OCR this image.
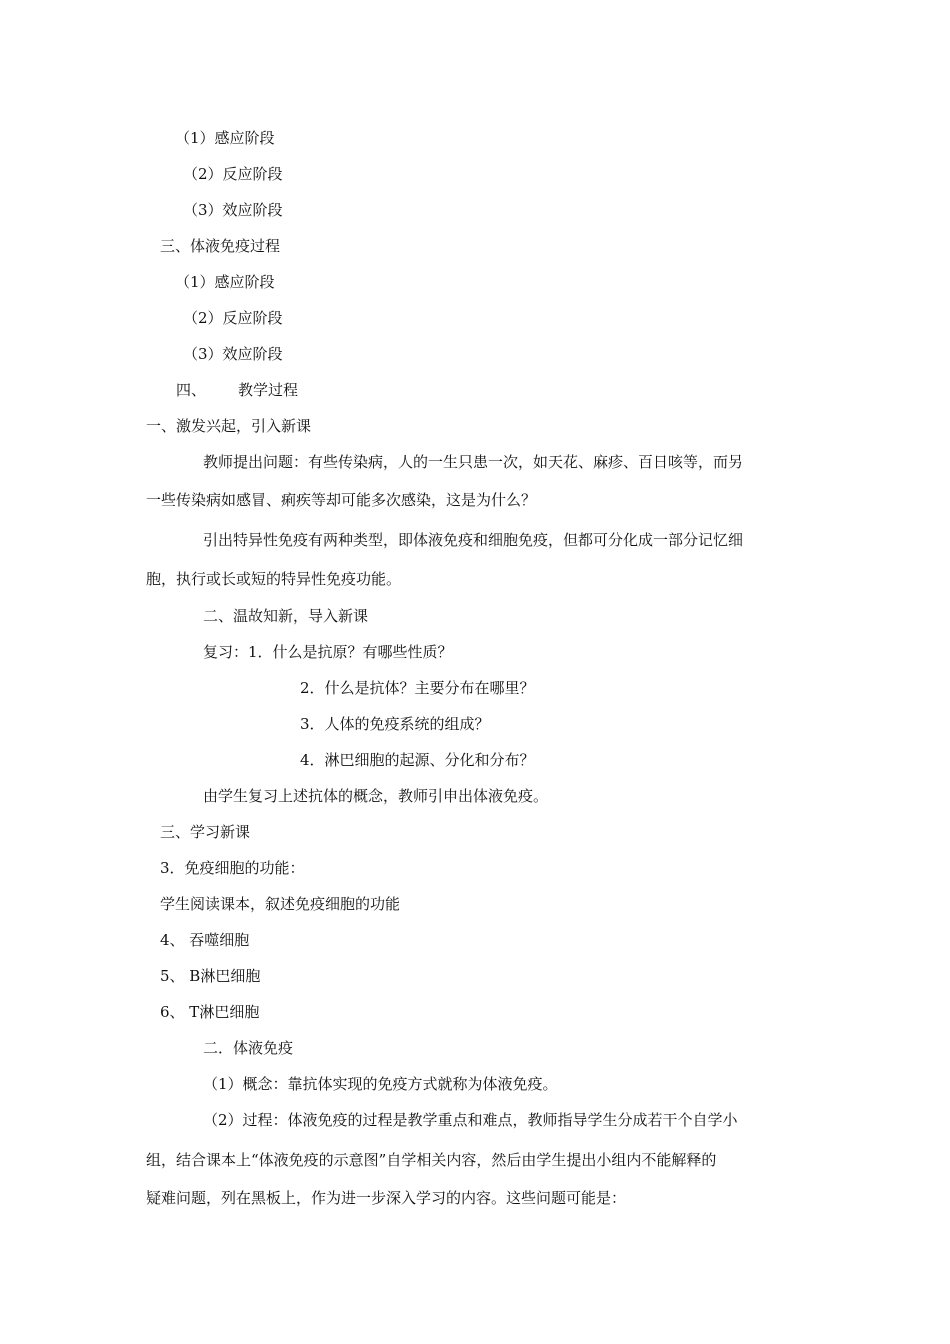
（1）感应阶段
（2）反应阶段
（3）效应阶段
三、体液免疫过程
（1）感应阶段
（2）反应阶段
（3）效应阶段
四、 教学过程
一、激发兴起，引入新课
教师提出问题：有些传染病，人的一生只患一次，如天花、麻疹、百日咳等，而另
一些传染病如感冒、痢疾等却可能多次感染，这是为什么？
引出特异性免疫有两种类型，即体液免疫和细胞免疫，但都可分化成一部分记忆细
胞，执行或长或短的特异性免疫功能。
二、温故知新，导入新课
复习：1．什么是抗原？有哪些性质？
2．什么是抗体？主要分布在哪里？
3．人体的免疫系统的组成？
4．淋巴细胞的起源、分化和分布？
由学生复习上述抗体的概念，教师引申出体液免疫。
三、学习新课
3．免疫细胞的功能：
学生阅读课本，叙述免疫细胞的功能
4、 吞噬细胞
5、 B淋巴细胞
6、 T淋巴细胞
二．体液免疫
（1）概念：靠抗体实现的免疫方式就称为体液免疫。
（2）过程：体液免疫的过程是教学重点和难点，教师指导学生分成若干个自学小
组，结合课本上“体液免疫的示意图”自学相关内容，然后由学生提出小组内不能解释的
疑难问题，列在黑板上，作为进一步深入学习的内容。这些问题可能是：
